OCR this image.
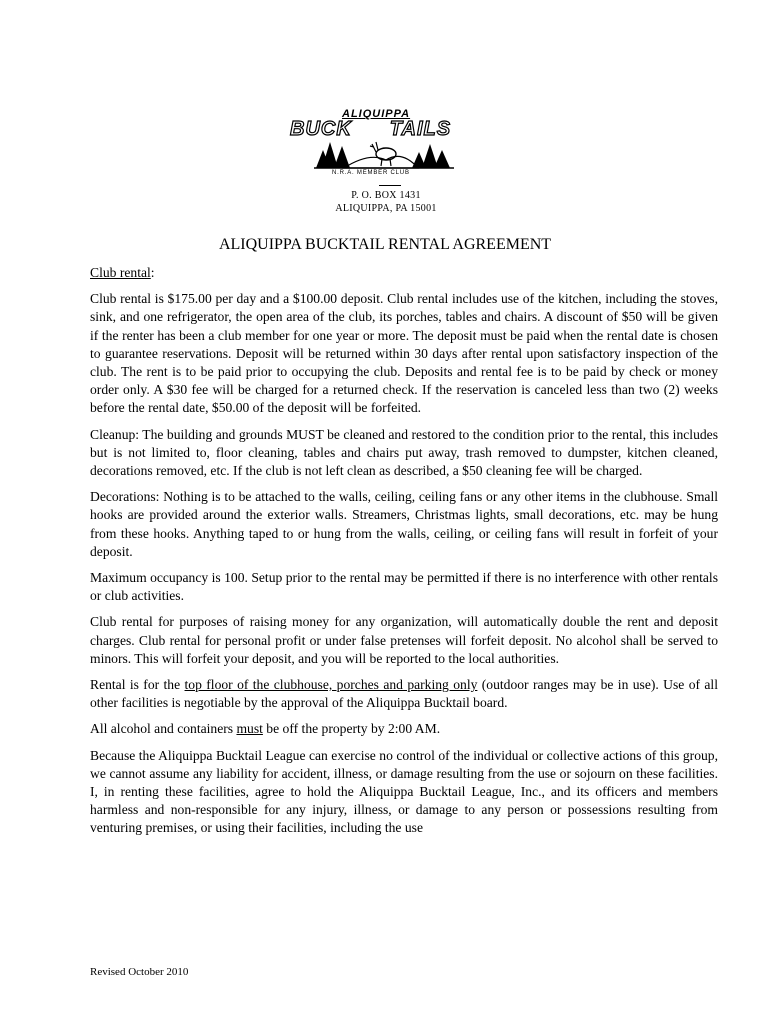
ALIQUIPPA
BUCK TAILS
N.R.A. MEMBER CLUB
P. O. BOX 1431
ALIQUIPPA, PA 15001
ALIQUIPPA BUCKTAIL RENTAL AGREEMENT

Club rental:

Club rental is $175.00 per day and a $100.00 deposit. Club rental includes use of the kitchen, including the stoves, sink, and one refrigerator, the open area of the club, its porches, tables and chairs. A discount of $50 will be given if the renter has been a club member for one year or more. The deposit must be paid when the rental date is chosen to guarantee reservations. Deposit will be returned within 30 days after rental upon satisfactory inspection of the club. The rent is to be paid prior to occupying the club. Deposits and rental fee is to be paid by check or money order only. A $30 fee will be charged for a returned check. If the reservation is canceled less than two (2) weeks before the rental date, $50.00 of the deposit will be forfeited.

Cleanup: The building and grounds MUST be cleaned and restored to the condition prior to the rental, this includes but is not limited to, floor cleaning, tables and chairs put away, trash removed to dumpster, kitchen cleaned, decorations removed, etc. If the club is not left clean as described, a $50 cleaning fee will be charged.

Decorations: Nothing is to be attached to the walls, ceiling, ceiling fans or any other items in the clubhouse. Small hooks are provided around the exterior walls. Streamers, Christmas lights, small decorations, etc. may be hung from these hooks. Anything taped to or hung from the walls, ceiling, or ceiling fans will result in forfeit of your deposit.

Maximum occupancy is 100. Setup prior to the rental may be permitted if there is no interference with other rentals or club activities.

Club rental for purposes of raising money for any organization, will automatically double the rent and deposit charges. Club rental for personal profit or under false pretenses will forfeit deposit. No alcohol shall be served to minors. This will forfeit your deposit, and you will be reported to the local authorities.

Rental is for the top floor of the clubhouse, porches and parking only (outdoor ranges may be in use). Use of all other facilities is negotiable by the approval of the Aliquippa Bucktail board.

All alcohol and containers must be off the property by 2:00 AM.

Because the Aliquippa Bucktail League can exercise no control of the individual or collective actions of this group, we cannot assume any liability for accident, illness, or damage resulting from the use or sojourn on these facilities. I, in renting these facilities, agree to hold the Aliquippa Bucktail League, Inc., and its officers and members harmless and non-responsible for any injury, illness, or damage to any person or possessions resulting from venturing premises, or using their facilities, including the use

Revised October 2010
